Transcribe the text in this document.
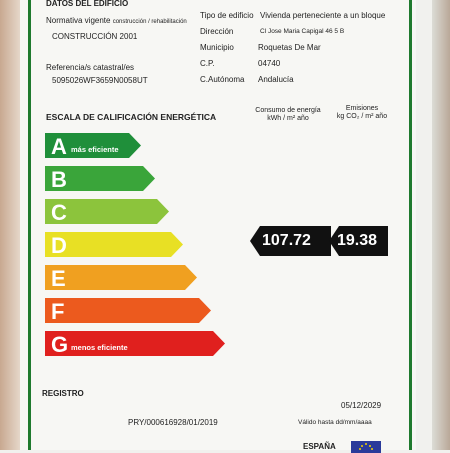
DATOS DEL EDIFICIO
Normativa vigente construcción / rehabilitación
CONSTRUCCIÓN 2001
Referencia/s catastral/es
5095026WF3659N0058UT
Tipo de edificio Vivienda perteneciente a un bloque
Dirección	Cl Jose Maria Capigal 46 5 B
Municipio	Roquetas De Mar
C.P.	04740
C.Autónoma Andalucía
ESCALA DE CALIFICACIÓN ENERGÉTICA
Consumo de energía
kWh / m² año
Emisiones
kg CO₂ / m² año
A más eficiente
B
C
D
E
F
G menos eficiente
107.72 19.38
REGISTRO
PRY/000616928/01/2019
05/12/2029
Válido hasta dd/mm/aaaa
ESPAÑA
